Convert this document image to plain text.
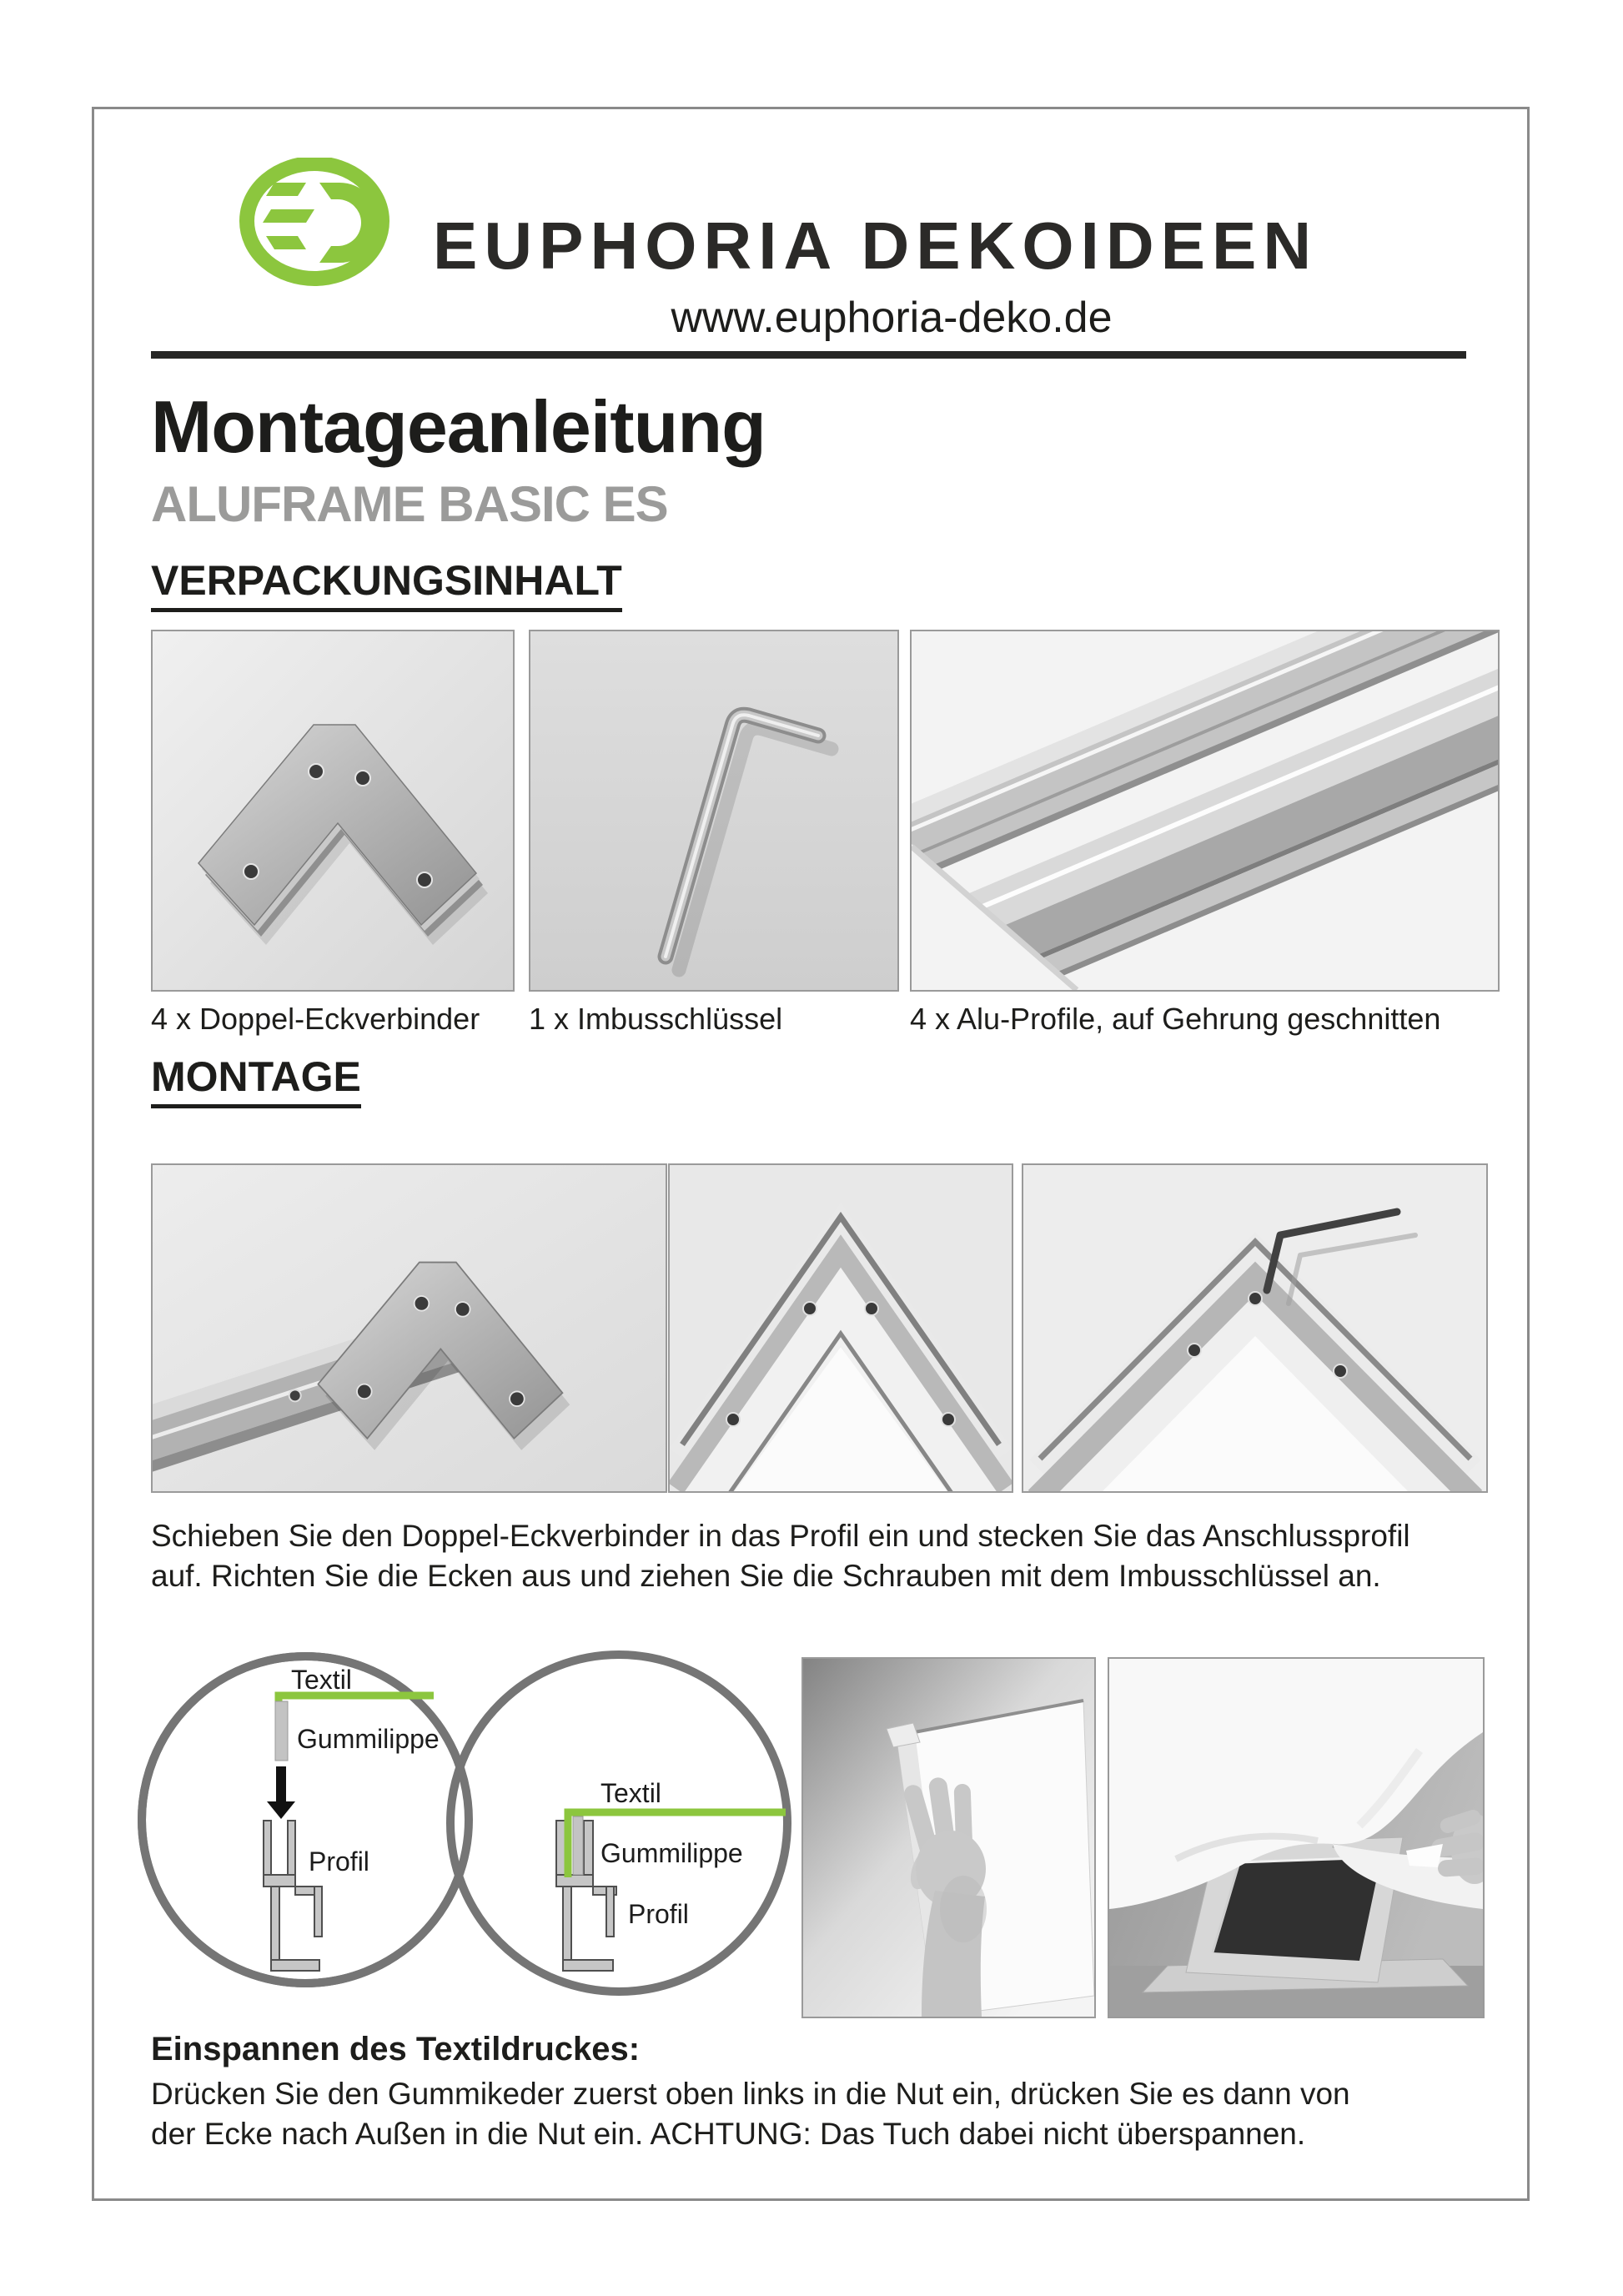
EUPHORIA DEKOIDEEN
www.euphoria-deko.de
Montageanleitung
ALUFRAME BASIC ES
VERPACKUNGSINHALT
4 x Doppel-Eckverbinder 1 x Imbusschlüssel	4 x Alu-Profile, auf Gehrung geschnitten
MONTAGE
Schieben Sie den Doppel-Eckverbinder in das Profil ein und stecken Sie das Anschlussprofil
auf. Richten Sie die Ecken aus und ziehen Sie die Schrauben mit dem Imbusschlüssel an.
Textil
Gummilippe
Profil
Textil
Gummilippe
Profil
Einspannen des Textildruckes:
Drücken Sie den Gummikeder zuerst oben links in die Nut ein, drücken Sie es dann von
der Ecke nach Außen in die Nut ein. ACHTUNG: Das Tuch dabei nicht überspannen.
